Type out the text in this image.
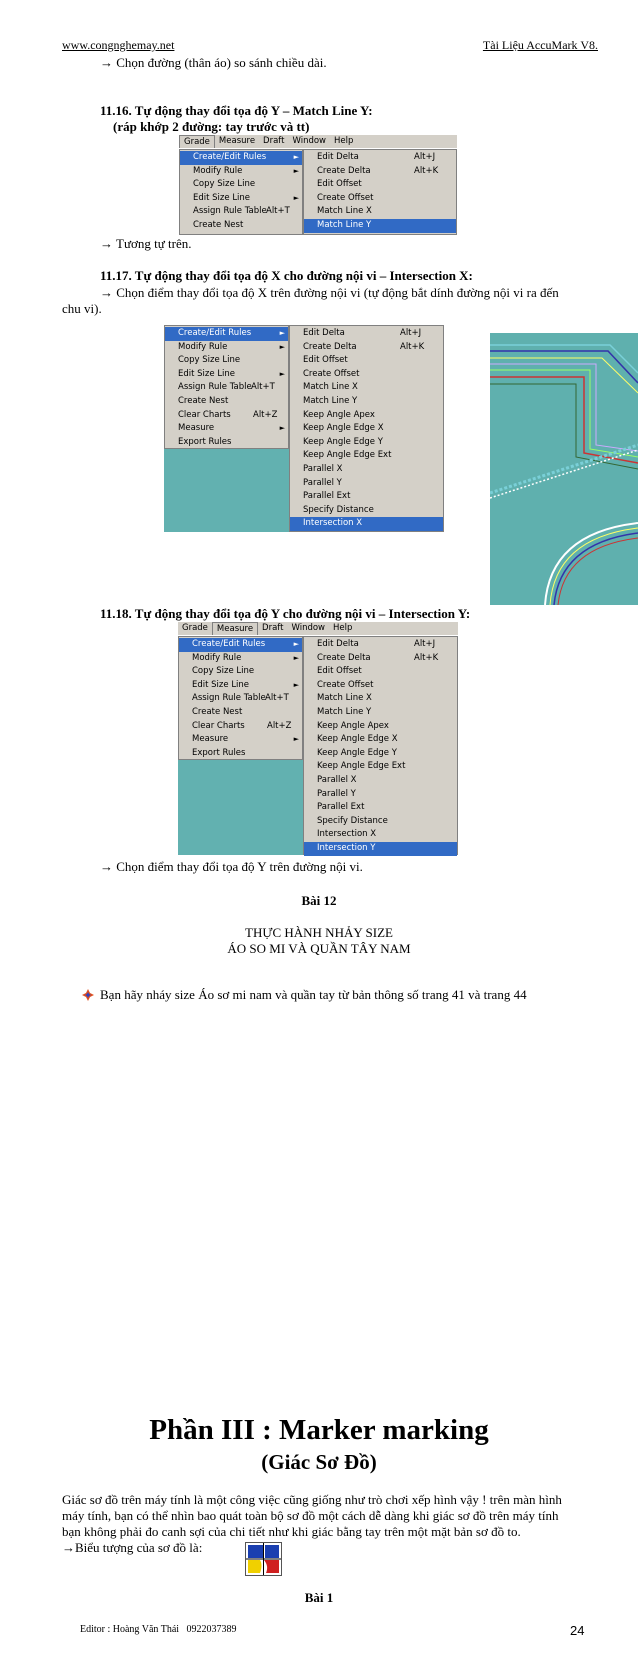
www.congnghemay.net	Tài Liệu AccuMark V8.
→ Chọn đường (thân áo) so sánh chiều dài.
11.16. Tự động thay đổi tọa độ Y – Match Line Y:
(ráp khớp 2 đường: tay trước và tt)
Grade	Measure Draft Window Help
Create/Edit Rules	►
Modify Rule	►
Copy Size Line
Edit Size Line	►
Assign Rule Table Alt+T
Create Nest
Edit Delta	Alt+J
Create Delta	Alt+K
Edit Offset
Create Offset
Match Line X
Match Line Y
→ Tương tự trên.
11.17. Tự động thay đổi tọa độ X cho đường nội vi – Intersection X:
→ Chọn điểm thay đổi tọa độ X trên đường nội vi (tự động bắt dính đường nội vi ra đến
chu vi).
Create/Edit Rules	►
Modify Rule	►
Copy Size Line
Edit Size Line	►
Assign Rule Table Alt+T
Create Nest
Clear Charts	Alt+Z
Measure	►
Export Rules
Edit Delta	Alt+J
Create Delta	Alt+K
Edit Offset
Create Offset
Match Line X
Match Line Y
Keep Angle Apex
Keep Angle Edge X
Keep Angle Edge Y
Keep Angle Edge Ext
Parallel X
Parallel Y
Parallel Ext
Specify Distance
Intersection X
11.18. Tự động thay đổi tọa độ Y cho đường nội vi – Intersection Y:
Grade	Measure	Draft Window Help
Create/Edit Rules	►
Modify Rule	►
Copy Size Line
Edit Size Line	►
Assign Rule Table Alt+T
Create Nest
Clear Charts	Alt+Z
Measure	►
Export Rules
Edit Delta	Alt+J
Create Delta	Alt+K
Edit Offset
Create Offset
Match Line X
Match Line Y
Keep Angle Apex
Keep Angle Edge X
Keep Angle Edge Y
Keep Angle Edge Ext
Parallel X
Parallel Y
Parallel Ext
Specify Distance
Intersection X
Intersection Y
→ Chọn điểm thay đổi tọa độ Y trên đường nội vi.
Bài 12
THỰC HÀNH NHẢY SIZE
ÁO SO MI VÀ QUẦN TÂY NAM
Bạn hãy nháy size Áo sơ mi nam và quần tay từ bản thông số trang 41 và trang 44
Phần III : Marker marking
(Giác Sơ Đồ)
Giác sơ đồ trên máy tính là một công việc cũng giống như trò chơi xếp hình vậy ! trên màn hình
máy tính, bạn có thể nhìn bao quát toàn bộ sơ đồ một cách dễ dàng khi giác sơ đồ trên máy tính
bạn không phải đo canh sợi của chi tiết như khi giác bằng tay trên một mặt bản sơ đồ to.
→Biểu tượng của sơ đồ là:
Bài 1
Editor : Hoàng Văn Thái   0922037389	24
